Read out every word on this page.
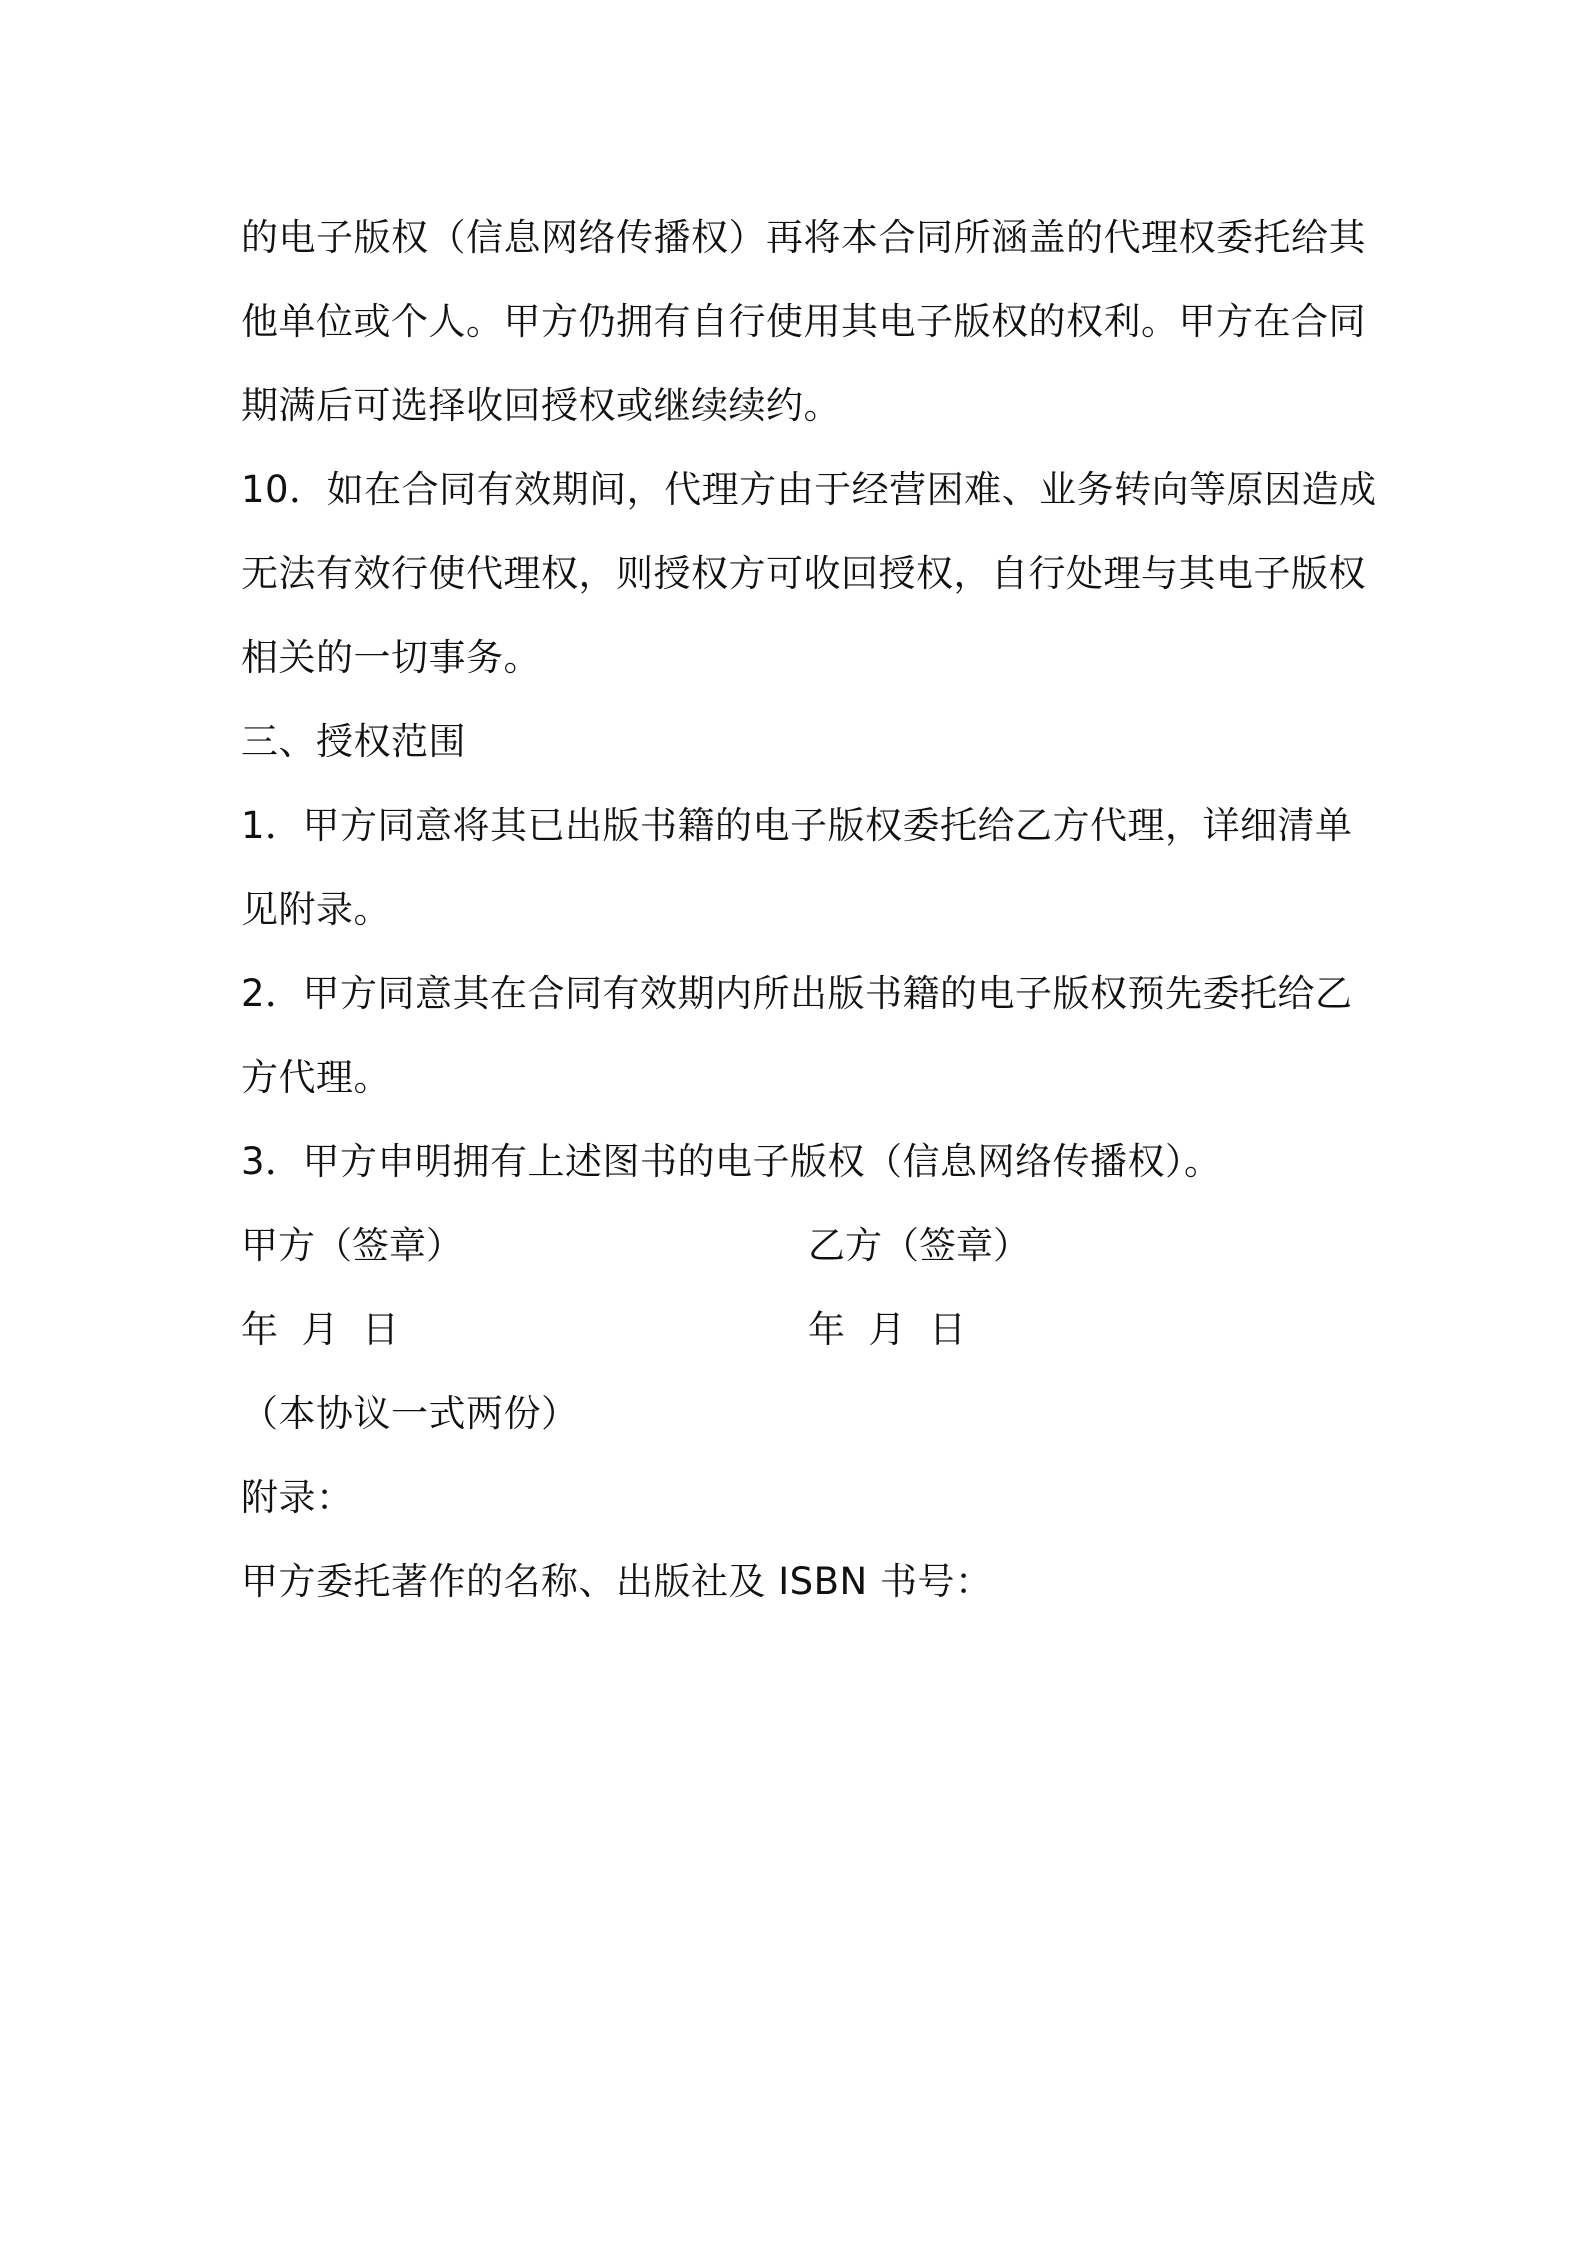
的电子版权（信息网络传播权）再将本合同所涵盖的代理权委托给其
他单位或个人。甲方仍拥有自行使用其电子版权的权利。甲方在合同
期满后可选择收回授权或继续续约。
10．如在合同有效期间，代理方由于经营困难、业务转向等原因造成
无法有效行使代理权，则授权方可收回授权，自行处理与其电子版权
相关的一切事务。
三、授权范围
1．甲方同意将其已出版书籍的电子版权委托给乙方代理，详细清单
见附录。
2．甲方同意其在合同有效期内所出版书籍的电子版权预先委托给乙
方代理。
3．甲方申明拥有上述图书的电子版权（信息网络传播权）。
甲方（签章）	乙方（签章）
年  月  日	年  月  日
（本协议一式两份）
附录：
甲方委托著作的名称、出版社及 ISBN 书号：
